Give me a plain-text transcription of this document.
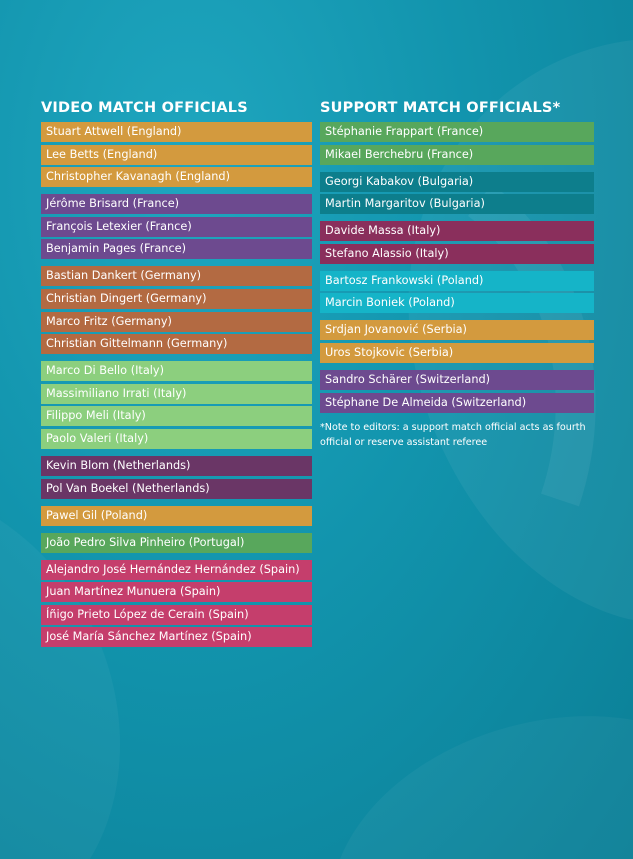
VIDEO MATCH OFFICIALS
Stuart Attwell (England)
Lee Betts (England)
Christopher Kavanagh (England)
Jérôme Brisard (France)
François Letexier (France)
Benjamin Pages (France)
Bastian Dankert (Germany)
Christian Dingert (Germany)
Marco Fritz (Germany)
Christian Gittelmann (Germany)
Marco Di Bello (Italy)
Massimiliano Irrati (Italy)
Filippo Meli (Italy)
Paolo Valeri (Italy)
Kevin Blom (Netherlands)
Pol Van Boekel (Netherlands)
Pawel Gil (Poland)
João Pedro Silva Pinheiro (Portugal)
Alejandro José Hernández Hernández (Spain)
Juan Martínez Munuera (Spain)
Íñigo Prieto López de Cerain (Spain)
José María Sánchez Martínez (Spain)
SUPPORT MATCH OFFICIALS*
Stéphanie Frappart (France)
Mikael Berchebru (France)
Georgi Kabakov (Bulgaria)
Martin Margaritov (Bulgaria)
Davide Massa (Italy)
Stefano Alassio (Italy)
Bartosz Frankowski (Poland)
Marcin Boniek (Poland)
Srdjan Jovanović (Serbia)
Uros Stojkovic (Serbia)
Sandro Schärer (Switzerland)
Stéphane De Almeida (Switzerland)
*Note to editors: a support match official acts as fourth official or reserve assistant referee
